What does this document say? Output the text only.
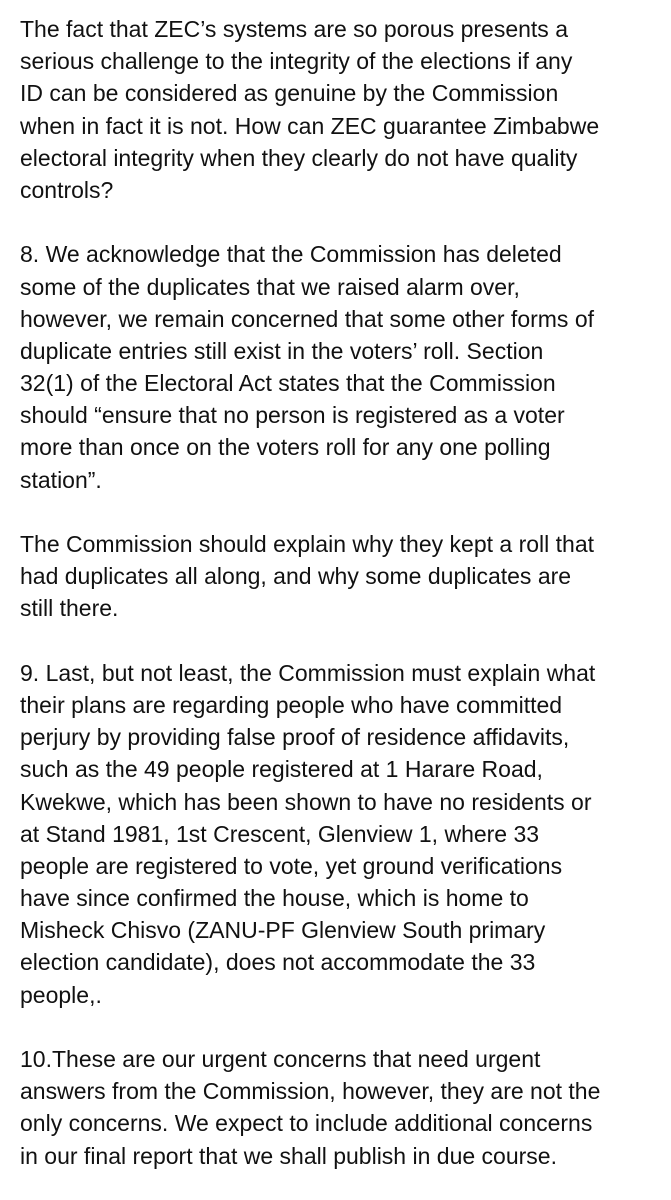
The fact that ZEC’s systems are so porous presents a
serious challenge to the integrity of the elections if any
ID can be considered as genuine by the Commission
when in fact it is not. How can ZEC guarantee Zimbabwe
electoral integrity when they clearly do not have quality
controls?
8. We acknowledge that the Commission has deleted
some of the duplicates that we raised alarm over,
however, we remain concerned that some other forms of
duplicate entries still exist in the voters’ roll. Section
32(1) of the Electoral Act states that the Commission
should “ensure that no person is registered as a voter
more than once on the voters roll for any one polling
station”.
The Commission should explain why they kept a roll that
had duplicates all along, and why some duplicates are
still there.
9. Last, but not least, the Commission must explain what
their plans are regarding people who have committed
perjury by providing false proof of residence affidavits,
such as the 49 people registered at 1 Harare Road,
Kwekwe, which has been shown to have no residents or
at Stand 1981, 1st Crescent, Glenview 1, where 33
people are registered to vote, yet ground verifications
have since confirmed the house, which is home to
Misheck Chisvo (ZANU-PF Glenview South primary
election candidate), does not accommodate the 33
people,.
10.These are our urgent concerns that need urgent
answers from the Commission, however, they are not the
only concerns. We expect to include additional concerns
in our final report that we shall publish in due course.
